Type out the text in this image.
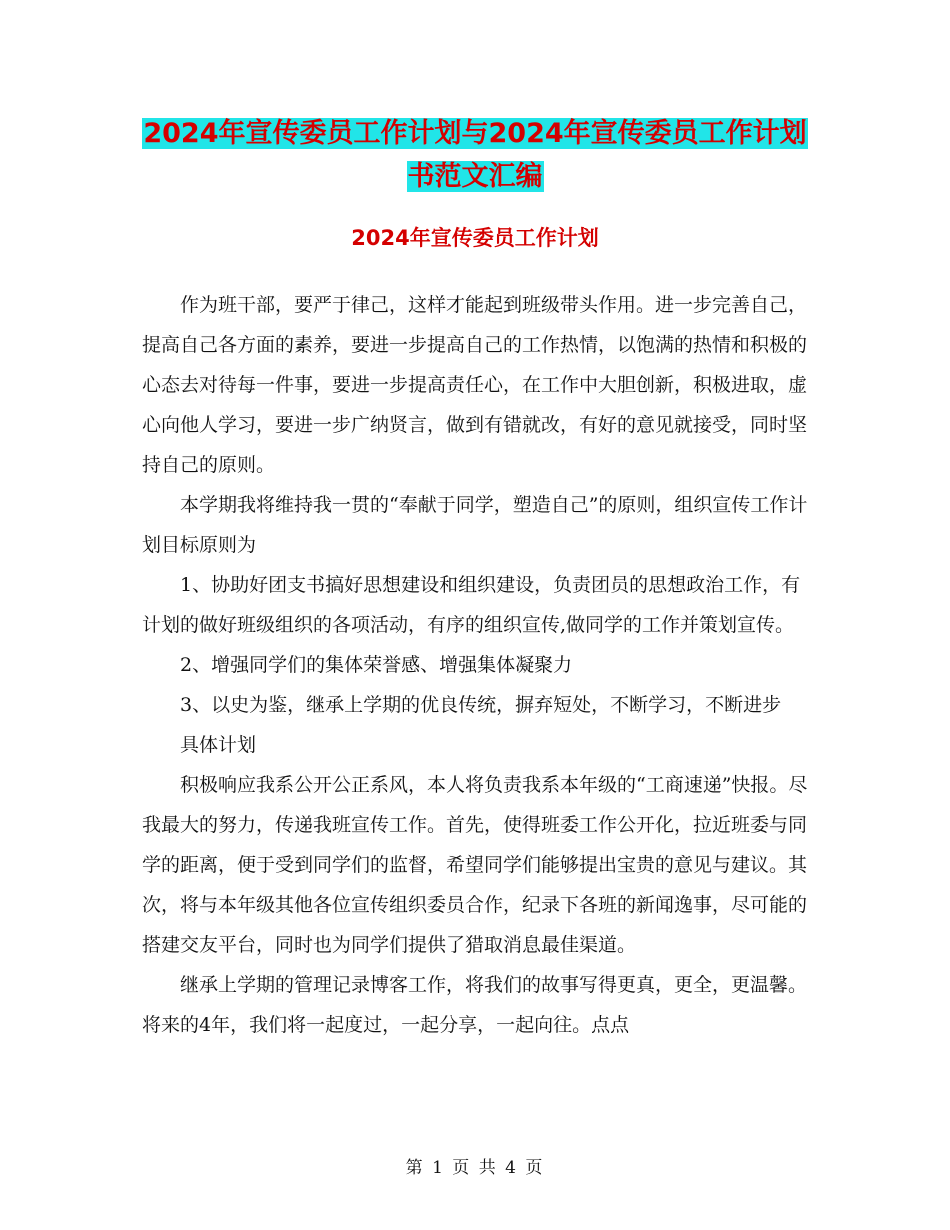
2024年宣传委员工作计划与2024年宣传委员工作计划
书范文汇编
2024年宣传委员工作计划

作为班干部，要严于律己，这样才能起到班级带头作用。进一步完善自己，提高自己各方面的素养，要进一步提高自己的工作热情，以饱满的热情和积极的心态去对待每一件事，要进一步提高责任心，在工作中大胆创新，积极进取，虚心向他人学习，要进一步广纳贤言，做到有错就改，有好的意见就接受，同时坚持自己的原则。

本学期我将维持我一贯的“奉献于同学，塑造自己”的原则，组织宣传工作计划目标原则为

1、协助好团支书搞好思想建设和组织建设，负责团员的思想政治工作，有计划的做好班级组织的各项活动，有序的组织宣传,做同学的工作并策划宣传。

2、增强同学们的集体荣誉感、增强集体凝聚力

3、以史为鉴，继承上学期的优良传统，摒弃短处，不断学习，不断进步

具体计划

积极响应我系公开公正系风，本人将负责我系本年级的“工商速递”快报。尽我最大的努力，传递我班宣传工作。首先，使得班委工作公开化，拉近班委与同学的距离，便于受到同学们的监督，希望同学们能够提出宝贵的意见与建议。其次，将与本年级其他各位宣传组织委员合作，纪录下各班的新闻逸事，尽可能的搭建交友平台，同时也为同学们提供了猎取消息最佳渠道。

继承上学期的管理记录博客工作，将我们的故事写得更真，更全，更温馨。将来的4年，我们将一起度过，一起分享，一起向往。点点

第 1 页 共 4 页
